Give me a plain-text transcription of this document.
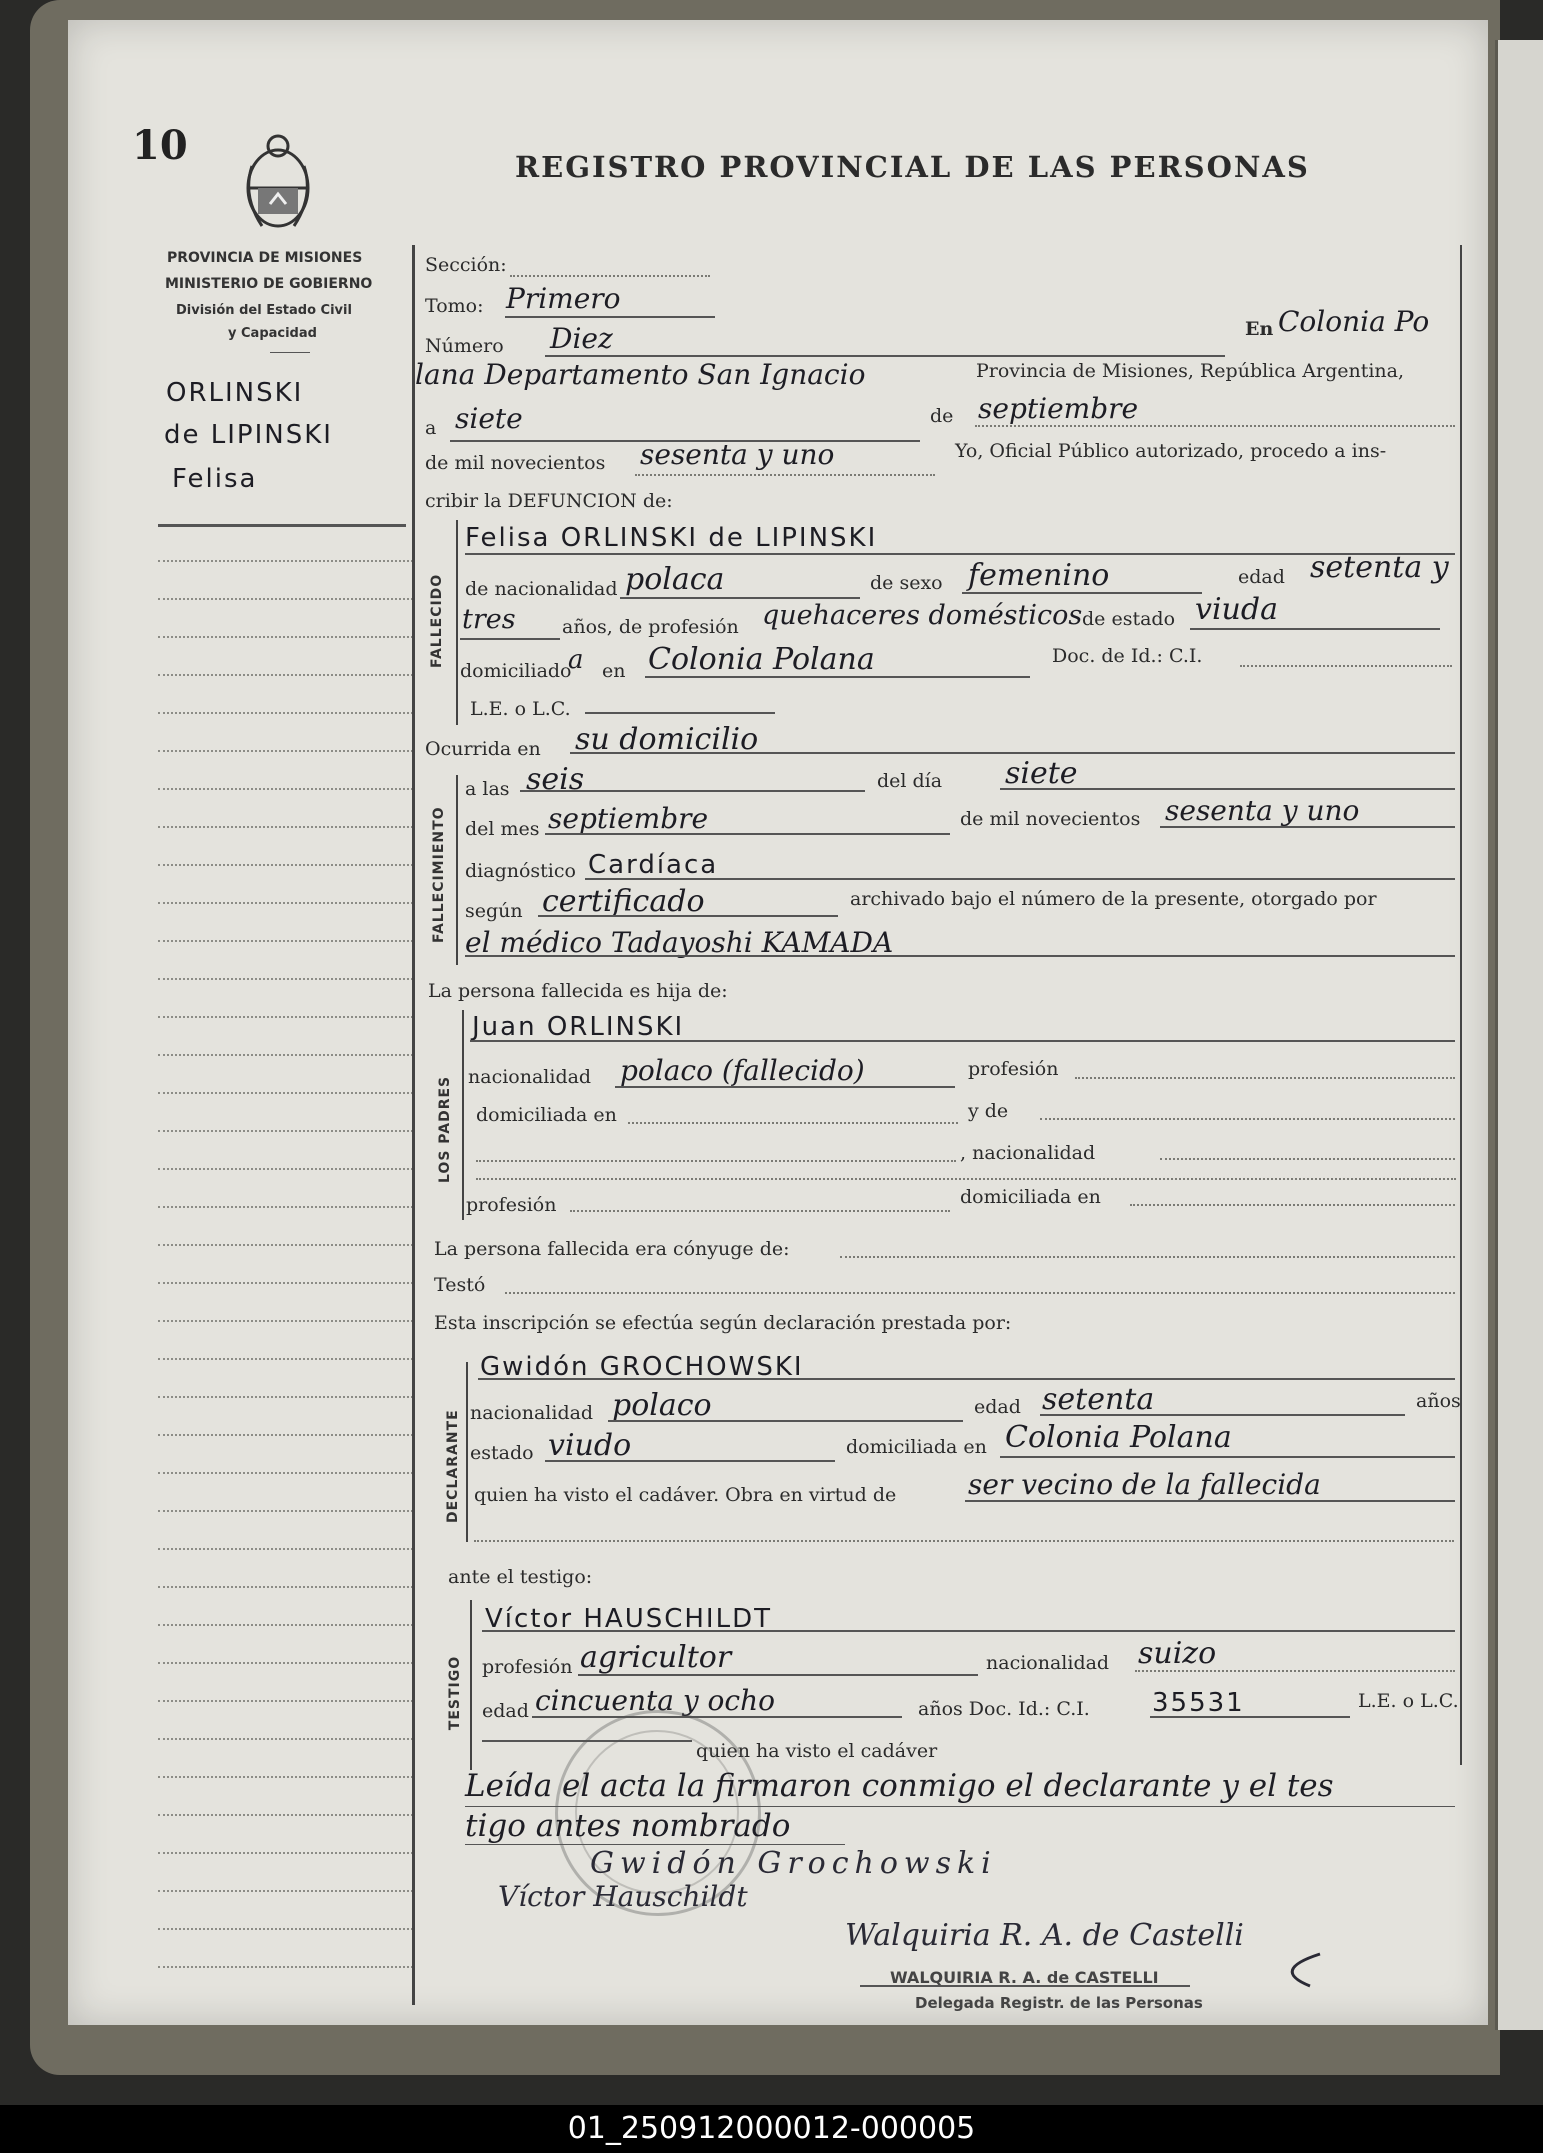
10	REGISTRO PROVINCIAL DE LAS PERSONAS
PROVINCIA DE MISIONES
MINISTERIO DE GOBIERNO
División del Estado Civil
y Capacidad
ORLINSKI
de LIPINSKI
Felisa
FALLECIDO
FALLECIMIENTO
LOS PADRES
DECLARANTE
TESTIGO
Sección:
Tomo: Primero
Número Diez	En Colonia Po
lana Departamento San Ignacio	Provincia de Misiones, República Argentina,
a siete	de septiembre
de mil novecientos sesenta y uno	Yo, Oficial Público autorizado, procedo a ins-
cribir la DEFUNCION de:
Felisa ORLINSKI de LIPINSKI
de nacionalidad polaca	de sexo femenino	edad setenta y
tres años, de profesión quehaceres domésticos de estado viuda
domiciliado
a en Colonia Polana	Doc. de Id.: C.I.
L.E. o L.C.
Ocurrida en su domicilio
a las seis	del día siete
del mes septiembre	de mil novecientos sesenta y uno
diagnóstico Cardíaca
según certificado	archivado bajo el número de la presente, otorgado por
el médico Tadayoshi KAMADA
La persona fallecida es hija de:
Juan ORLINSKI
nacionalidad polaco (fallecido)	profesión
domiciliada en	y de
, nacionalidad
profesión	domiciliada en
La persona fallecida era cónyuge de:
Testó
Esta inscripción se efectúa según declaración prestada por:
Gwidón GROCHOWSKI
nacionalidad polaco	edad setenta	años
estado viudo	domiciliada en Colonia Polana
quien ha visto el cadáver. Obra en virtud de	ser vecino de la fallecida
ante el testigo:
Víctor HAUSCHILDT
profesión agricultor	nacionalidad suizo
edad cincuenta y ocho	años Doc. Id.: C.I. 35531	L.E. o L.C.
quien ha visto el cadáver
Leída el acta la firmaron conmigo el declarante y el tes
tigo antes nombrado
Gwidón Grochowski
Víctor Hauschildt
Walquiria R. A. de Castelli
WALQUIRIA R. A. de CASTELLI
Delegada Registr. de las Personas
01_250912000012-000005
